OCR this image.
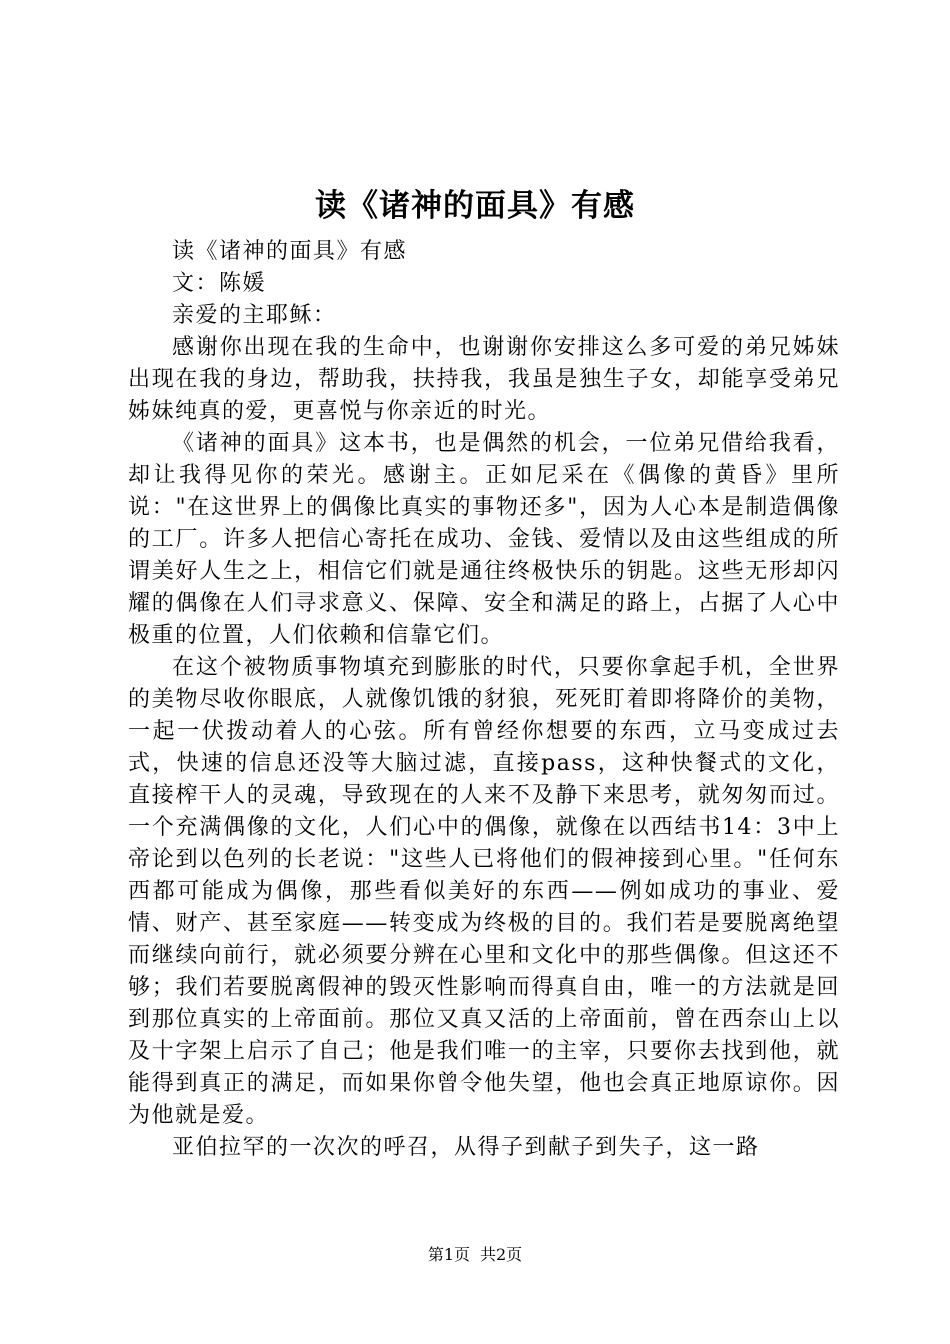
读《诸神的面具》有感

读《诸神的面具》有感

文：陈媛

亲爱的主耶稣：

感谢你出现在我的生命中，也谢谢你安排这么多可爱的弟兄姊妹出现在我的身边，帮助我，扶持我，我虽是独生子女，却能享受弟兄姊妹纯真的爱，更喜悦与你亲近的时光。

《诸神的面具》这本书，也是偶然的机会，一位弟兄借给我看，却让我得见你的荣光。感谢主。正如尼采在《偶像的黄昏》里所说："在这世界上的偶像比真实的事物还多"，因为人心本是制造偶像的工厂。许多人把信心寄托在成功、金钱、爱情以及由这些组成的所谓美好人生之上，相信它们就是通往终极快乐的钥匙。这些无形却闪耀的偶像在人们寻求意义、保障、安全和满足的路上，占据了人心中极重的位置，人们依赖和信靠它们。

在这个被物质事物填充到膨胀的时代，只要你拿起手机，全世界的美物尽收你眼底，人就像饥饿的豺狼，死死盯着即将降价的美物，一起一伏拨动着人的心弦。所有曾经你想要的东西，立马变成过去式，快速的信息还没等大脑过滤，直接pass，这种快餐式的文化，直接榨干人的灵魂，导致现在的人来不及静下来思考，就匆匆而过。一个充满偶像的文化，人们心中的偶像，就像在以西结书14：3中上帝论到以色列的长老说："这些人已将他们的假神接到心里。"任何东西都可能成为偶像，那些看似美好的东西——例如成功的事业、爱情、财产、甚至家庭——转变成为终极的目的。我们若是要脱离绝望而继续向前行，就必须要分辨在心里和文化中的那些偶像。但这还不够；我们若要脱离假神的毁灭性影响而得真自由，唯一的方法就是回到那位真实的上帝面前。那位又真又活的上帝面前，曾在西奈山上以及十字架上启示了自己；他是我们唯一的主宰，只要你去找到他，就能得到真正的满足，而如果你曾令他失望，他也会真正地原谅你。因为他就是爱。

亚伯拉罕的一次次的呼召，从得子到献子到失子，这一路

第1页 共2页
